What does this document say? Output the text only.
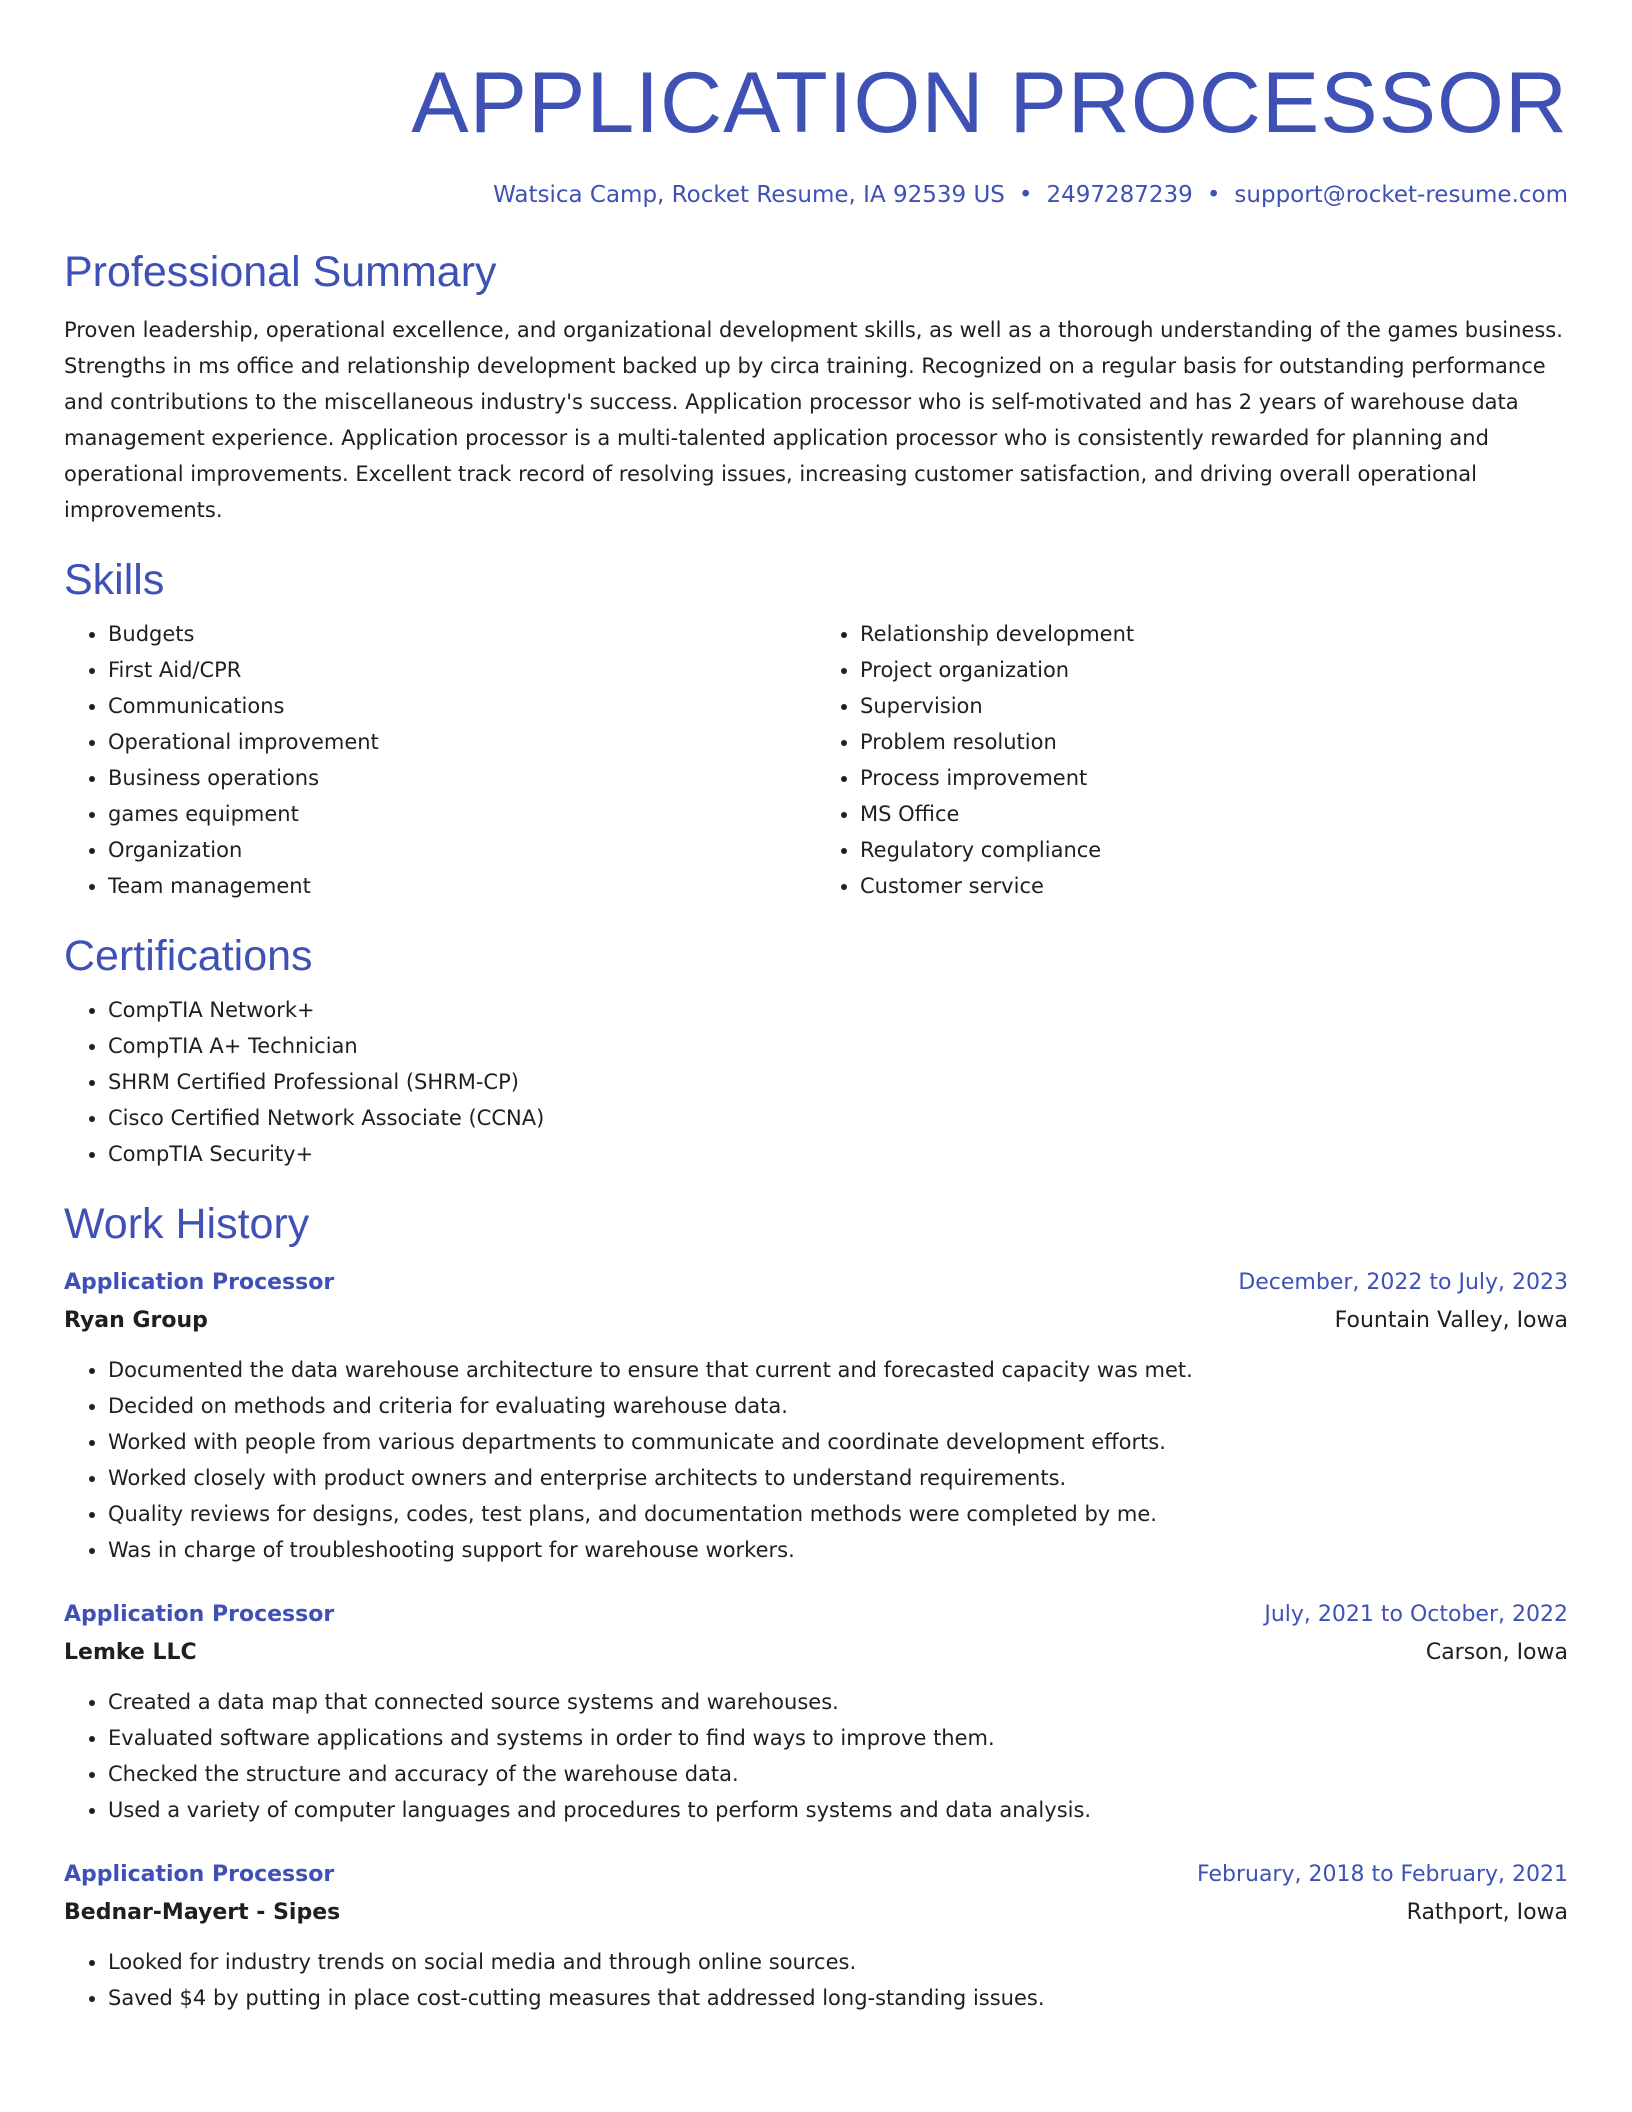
APPLICATION PROCESSOR
Watsica Camp, Rocket Resume, IA 92539 US • 2497287239 • support@rocket-resume.com
Professional Summary
Proven leadership, operational excellence, and organizational development skills, as well as a thorough understanding of the games business. Strengths in ms office and relationship development backed up by circa training. Recognized on a regular basis for outstanding performance and contributions to the miscellaneous industry's success. Application processor who is self-motivated and has 2 years of warehouse data management experience. Application processor is a multi-talented application processor who is consistently rewarded for planning and operational improvements. Excellent track record of resolving issues, increasing customer satisfaction, and driving overall operational improvements.
Skills
• Budgets
• First Aid/CPR
• Communications
• Operational improvement
• Business operations
• games equipment
• Organization
• Team management
• Relationship development
• Project organization
• Supervision
• Problem resolution
• Process improvement
• MS Office
• Regulatory compliance
• Customer service
Certifications
• CompTIA Network+
• CompTIA A+ Technician
• SHRM Certified Professional (SHRM-CP)
• Cisco Certified Network Associate (CCNA)
• CompTIA Security+
Work History
Application Processor	December, 2022 to July, 2023
Ryan Group	Fountain Valley, Iowa
• Documented the data warehouse architecture to ensure that current and forecasted capacity was met.
• Decided on methods and criteria for evaluating warehouse data.
• Worked with people from various departments to communicate and coordinate development efforts.
• Worked closely with product owners and enterprise architects to understand requirements.
• Quality reviews for designs, codes, test plans, and documentation methods were completed by me.
• Was in charge of troubleshooting support for warehouse workers.
Application Processor	July, 2021 to October, 2022
Lemke LLC	Carson, Iowa
• Created a data map that connected source systems and warehouses.
• Evaluated software applications and systems in order to find ways to improve them.
• Checked the structure and accuracy of the warehouse data.
• Used a variety of computer languages and procedures to perform systems and data analysis.
Application Processor	February, 2018 to February, 2021
Bednar-Mayert - Sipes	Rathport, Iowa
• Looked for industry trends on social media and through online sources.
• Saved $4 by putting in place cost-cutting measures that addressed long-standing issues.
